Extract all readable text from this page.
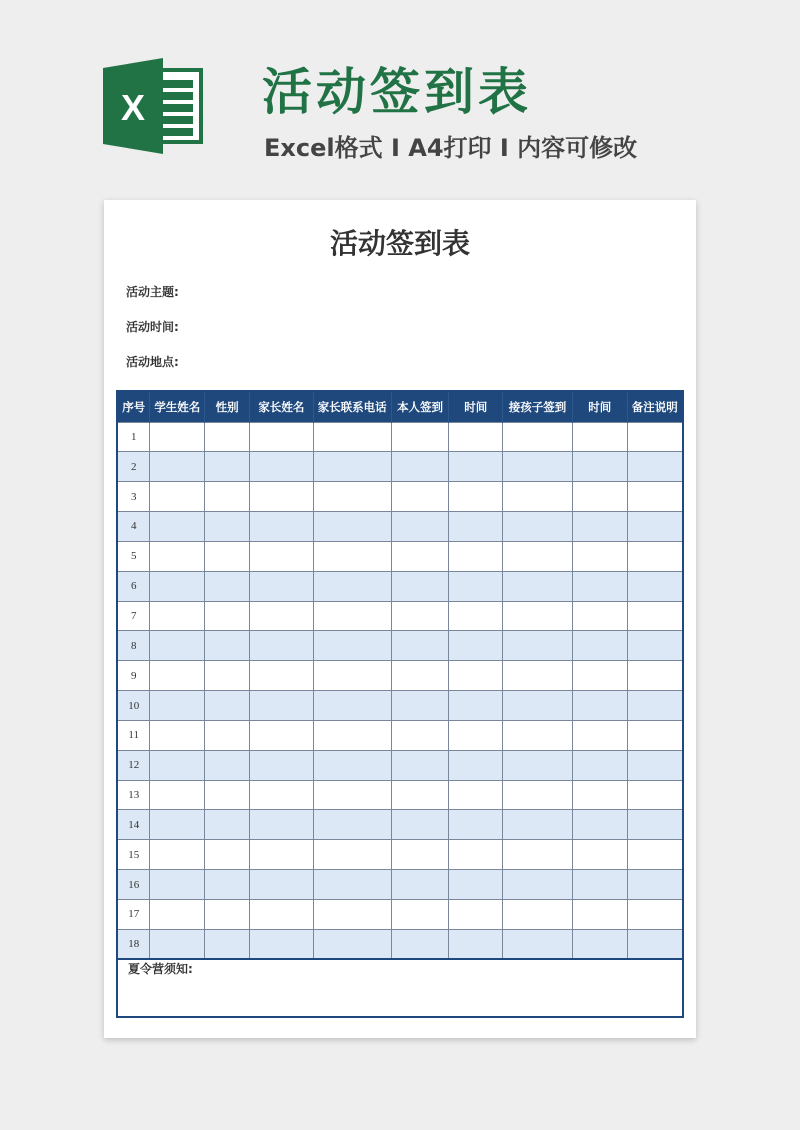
X 活动签到表
Excel格式 I A4打印 I 内容可修改
活动签到表
活动主题:
活动时间:
活动地点:
序号	学生姓名	性别	家长姓名	家长联系电话	本人签到	时间	接孩子签到	时间	备注说明
1									
2									
3									
4									
5									
6									
7									
8									
9									
10									
11									
12									
13									
14									
15									
16									
17									
18									
夏令营须知:
